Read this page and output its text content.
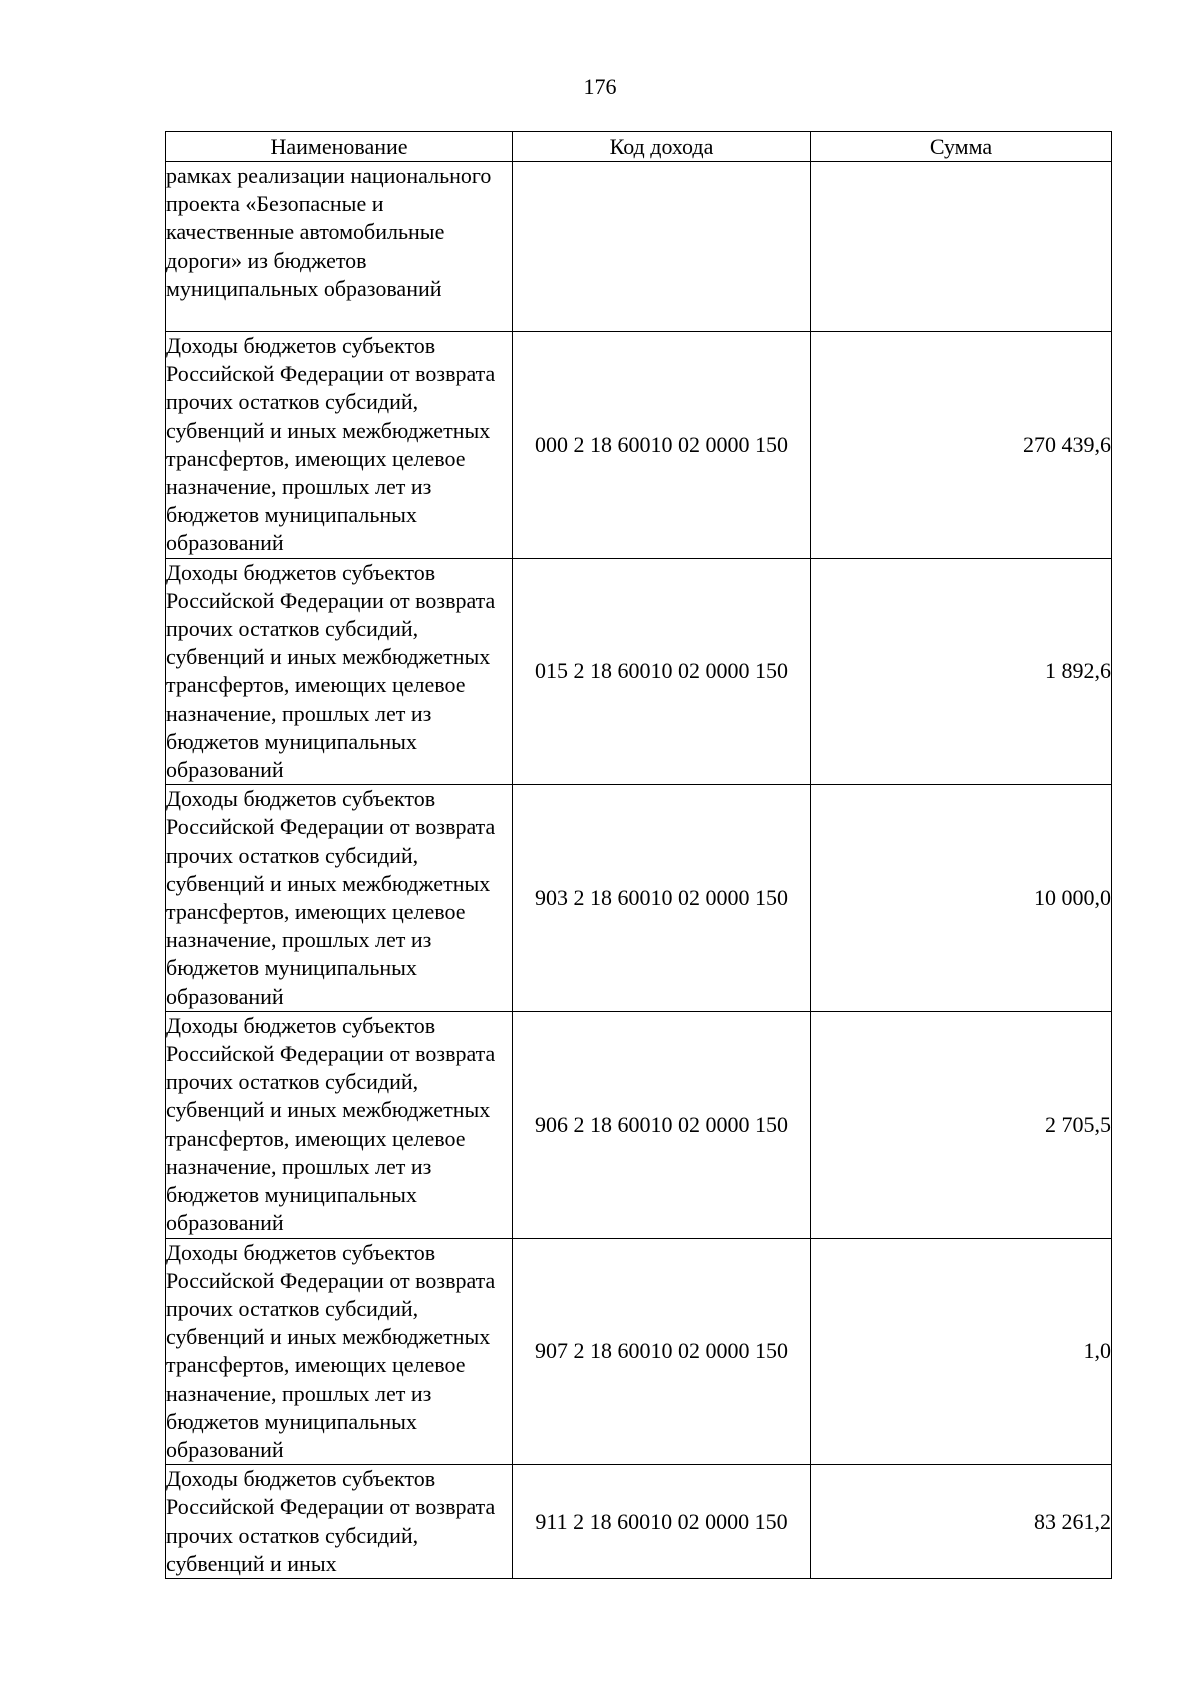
176
Наименование	Код дохода	Сумма
рамках реализации национального проекта «Безопасные и качественные автомобильные дороги» из бюджетов муниципальных образований		
Доходы бюджетов субъектов Российской Федерации от возврата прочих остатков субсидий, субвенций и иных межбюджетных трансфертов, имеющих целевое назначение, прошлых лет из бюджетов муниципальных образований	000 2 18 60010 02 0000 150	270 439,6
Доходы бюджетов субъектов Российской Федерации от возврата прочих остатков субсидий, субвенций и иных межбюджетных трансфертов, имеющих целевое назначение, прошлых лет из бюджетов муниципальных образований	015 2 18 60010 02 0000 150	1 892,6
Доходы бюджетов субъектов Российской Федерации от возврата прочих остатков субсидий, субвенций и иных межбюджетных трансфертов, имеющих целевое назначение, прошлых лет из бюджетов муниципальных образований	903 2 18 60010 02 0000 150	10 000,0
Доходы бюджетов субъектов Российской Федерации от возврата прочих остатков субсидий, субвенций и иных межбюджетных трансфертов, имеющих целевое назначение, прошлых лет из бюджетов муниципальных образований	906 2 18 60010 02 0000 150	2 705,5
Доходы бюджетов субъектов Российской Федерации от возврата прочих остатков субсидий, субвенций и иных межбюджетных трансфертов, имеющих целевое назначение, прошлых лет из бюджетов муниципальных образований	907 2 18 60010 02 0000 150	1,0
Доходы бюджетов субъектов Российской Федерации от возврата прочих остатков субсидий, субвенций и иных	911 2 18 60010 02 0000 150	83 261,2
